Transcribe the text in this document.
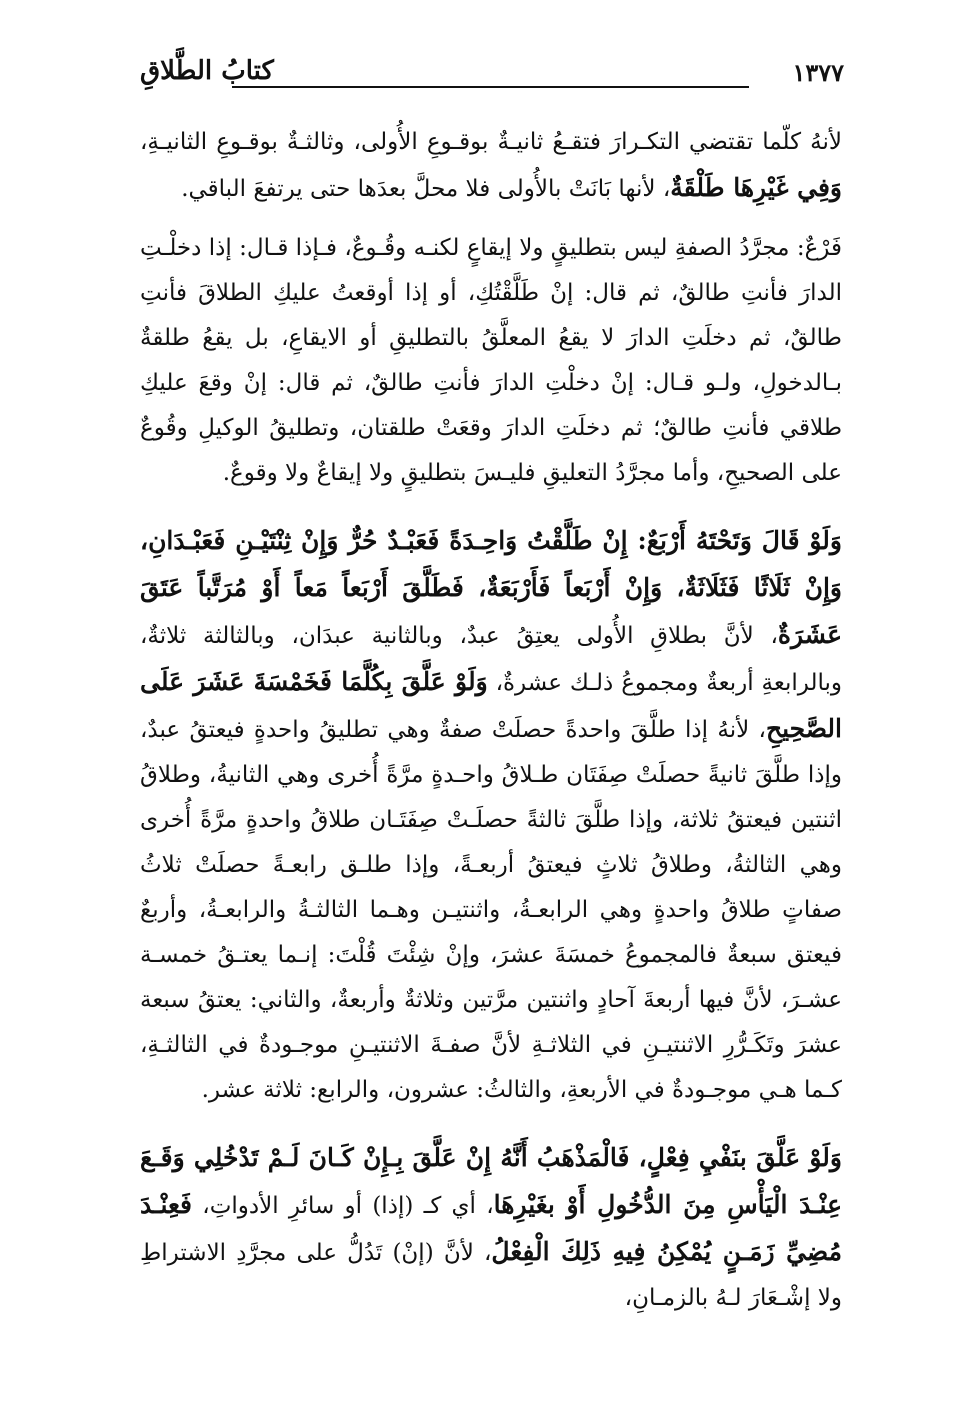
١٣٧٧
كتابُ الطَّلاقِ

لأنهُ كلّما تقتضي التكـرارَ فتقـعُ ثانيـةٌ بوقـوعِ الأُولى، وثالثـةٌ بوقـوعِ الثانيـةِ، وَفِي غَيْرِهَا طَلْقَةٌ، لأنها بَانَتْ بالأُولى فلا محلَّ بعدَها حتى يرتفعَ الباقي.

فَرْعٌ: مجرَّدُ الصفةِ ليس بتطليقٍ ولا إيقاعٍ لكنـه وقُـوعٌ، فـإذا قـال: إذا دخلْـتِ الدارَ فأنتِ طالقٌ، ثم قال: إنْ طَلَّقْتُكِ، أو إذا أوقعتُ عليكِ الطلاقَ فأنتِ طالقٌ، ثم دخلَتِ الدارَ لا يقعُ المعلَّقُ بالتطليقِ أو الايقاعِ، بل يقعُ طلقةٌ بـالدخولِ، ولـو قـال: إنْ دخلْتِ الدارَ فأنتِ طالقٌ، ثم قال: إنْ وقعَ عليكِ طلاقي فأنتِ طالقٌ؛ ثم دخلَتِ الدارَ وقعَتْ طلقتان، وتطليقُ الوكيلِ وقُوعٌ على الصحيحِ، وأما مجرَّدُ التعليقِ فليـسَ بتطليقٍ ولا إيقاعٌ ولا وقوعٌ.

وَلَوْ قَالَ وَتَحْتَهُ أَرْبَعٌ: إِنْ طَلَّقْتُ وَاحِـدَةً فَعَبْـدٌ حُرٌّ وَإِنْ ثِنْتَيْـنِ فَعَبْـدَانِ، وَإِنْ ثَلَاثًا فَثَلَاثَةٌ، وَإِنْ أَرْبَعاً فَأَرْبَعَةٌ، فَطَلَّقَ أَرْبَعاً مَعاً أَوْ مُرَتَّباً عَتَقَ عَشَرَةٌ، لأنَّ بطلاقِ الأُولى يعتِقُ عبدٌ، وبالثانية عبدَان، وبالثالثة ثلاثةٌ، وبالرابعةِ أربعةٌ ومجموعُ ذلـك عشرةٌ، وَلَوْ عَلَّقَ بِكُلَّمَا فَخَمْسَةَ عَشَرَ عَلَى الصَّحِيحِ، لأنهُ إذا طلَّقَ واحدةً حصلَتْ صفةٌ وهي تطليقُ واحدةٍ فيعتقُ عبدٌ، وإذا طلَّقَ ثانيةً حصلَتْ صِفَتَان طـلاقُ واحـدةٍ مرَّةً أُخرى وهي الثانيةُ، وطلاقُ اثنتين فيعتقُ ثلاثة، وإذا طلَّقَ ثالثةً حصلَـتْ صِفَتَـان طلاقُ واحدةٍ مرَّةً أُخرى وهي الثالثةُ، وطلاقُ ثلاثٍ فيعتقُ أربعـةً، وإذا طلـق رابعـةً حصلَتْ ثلاثُ صفاتٍ طلاقُ واحدةٍ وهي الرابعـةُ، واثنتيـن وهـما الثالثـةُ والرابعـةُ، وأربعٌ فيعتق سبعةٌ فالمجموعُ خمسَةَ عشرَ، وإنْ شِئْتَ قُلْتَ: إنـما يعتـقُ خمسـة عشـرَ، لأنَّ فيها أربعةَ آحادٍ واثنتين مرَّتين وثلاثةٌ وأربعةٌ، والثاني: يعتقُ سبعة عشرَ وتَكَـرُّرِ الاثنتيـنِ في الثلاثـةِ لأنَّ صفـةَ الاثنتيـنِ موجـودةٌ في الثالثـةِ، كـما هـي موجـودةٌ في الأربعةِ، والثالثُ: عشرون، والرابع: ثلاثة عشر.

وَلَوْ عَلَّقَ بنَفْيِ فِعْلٍ، فَالْمَذْهَبُ أَنَّهُ إِنْ عَلَّقَ بِـإِنْ كَـانَ لَـمْ تَدْخُلِي وَقَـعَ عِنْـدَ الْيَأْسِ مِنَ الدُّخُولِ أَوْ بغَيْرِهَا، أي كـ (إذا) أو سائرِ الأدواتِ، فَعِنْـدَ مُضِيِّ زَمَـنٍ يُمْكِنُ فِيهِ ذَلِكَ الْفِعْلُ، لأنَّ (إنْ) تَدُلُّ على مجرَّدِ الاشتراطِ ولا إشْـعَارَ لـهُ بالزمـانِ،
